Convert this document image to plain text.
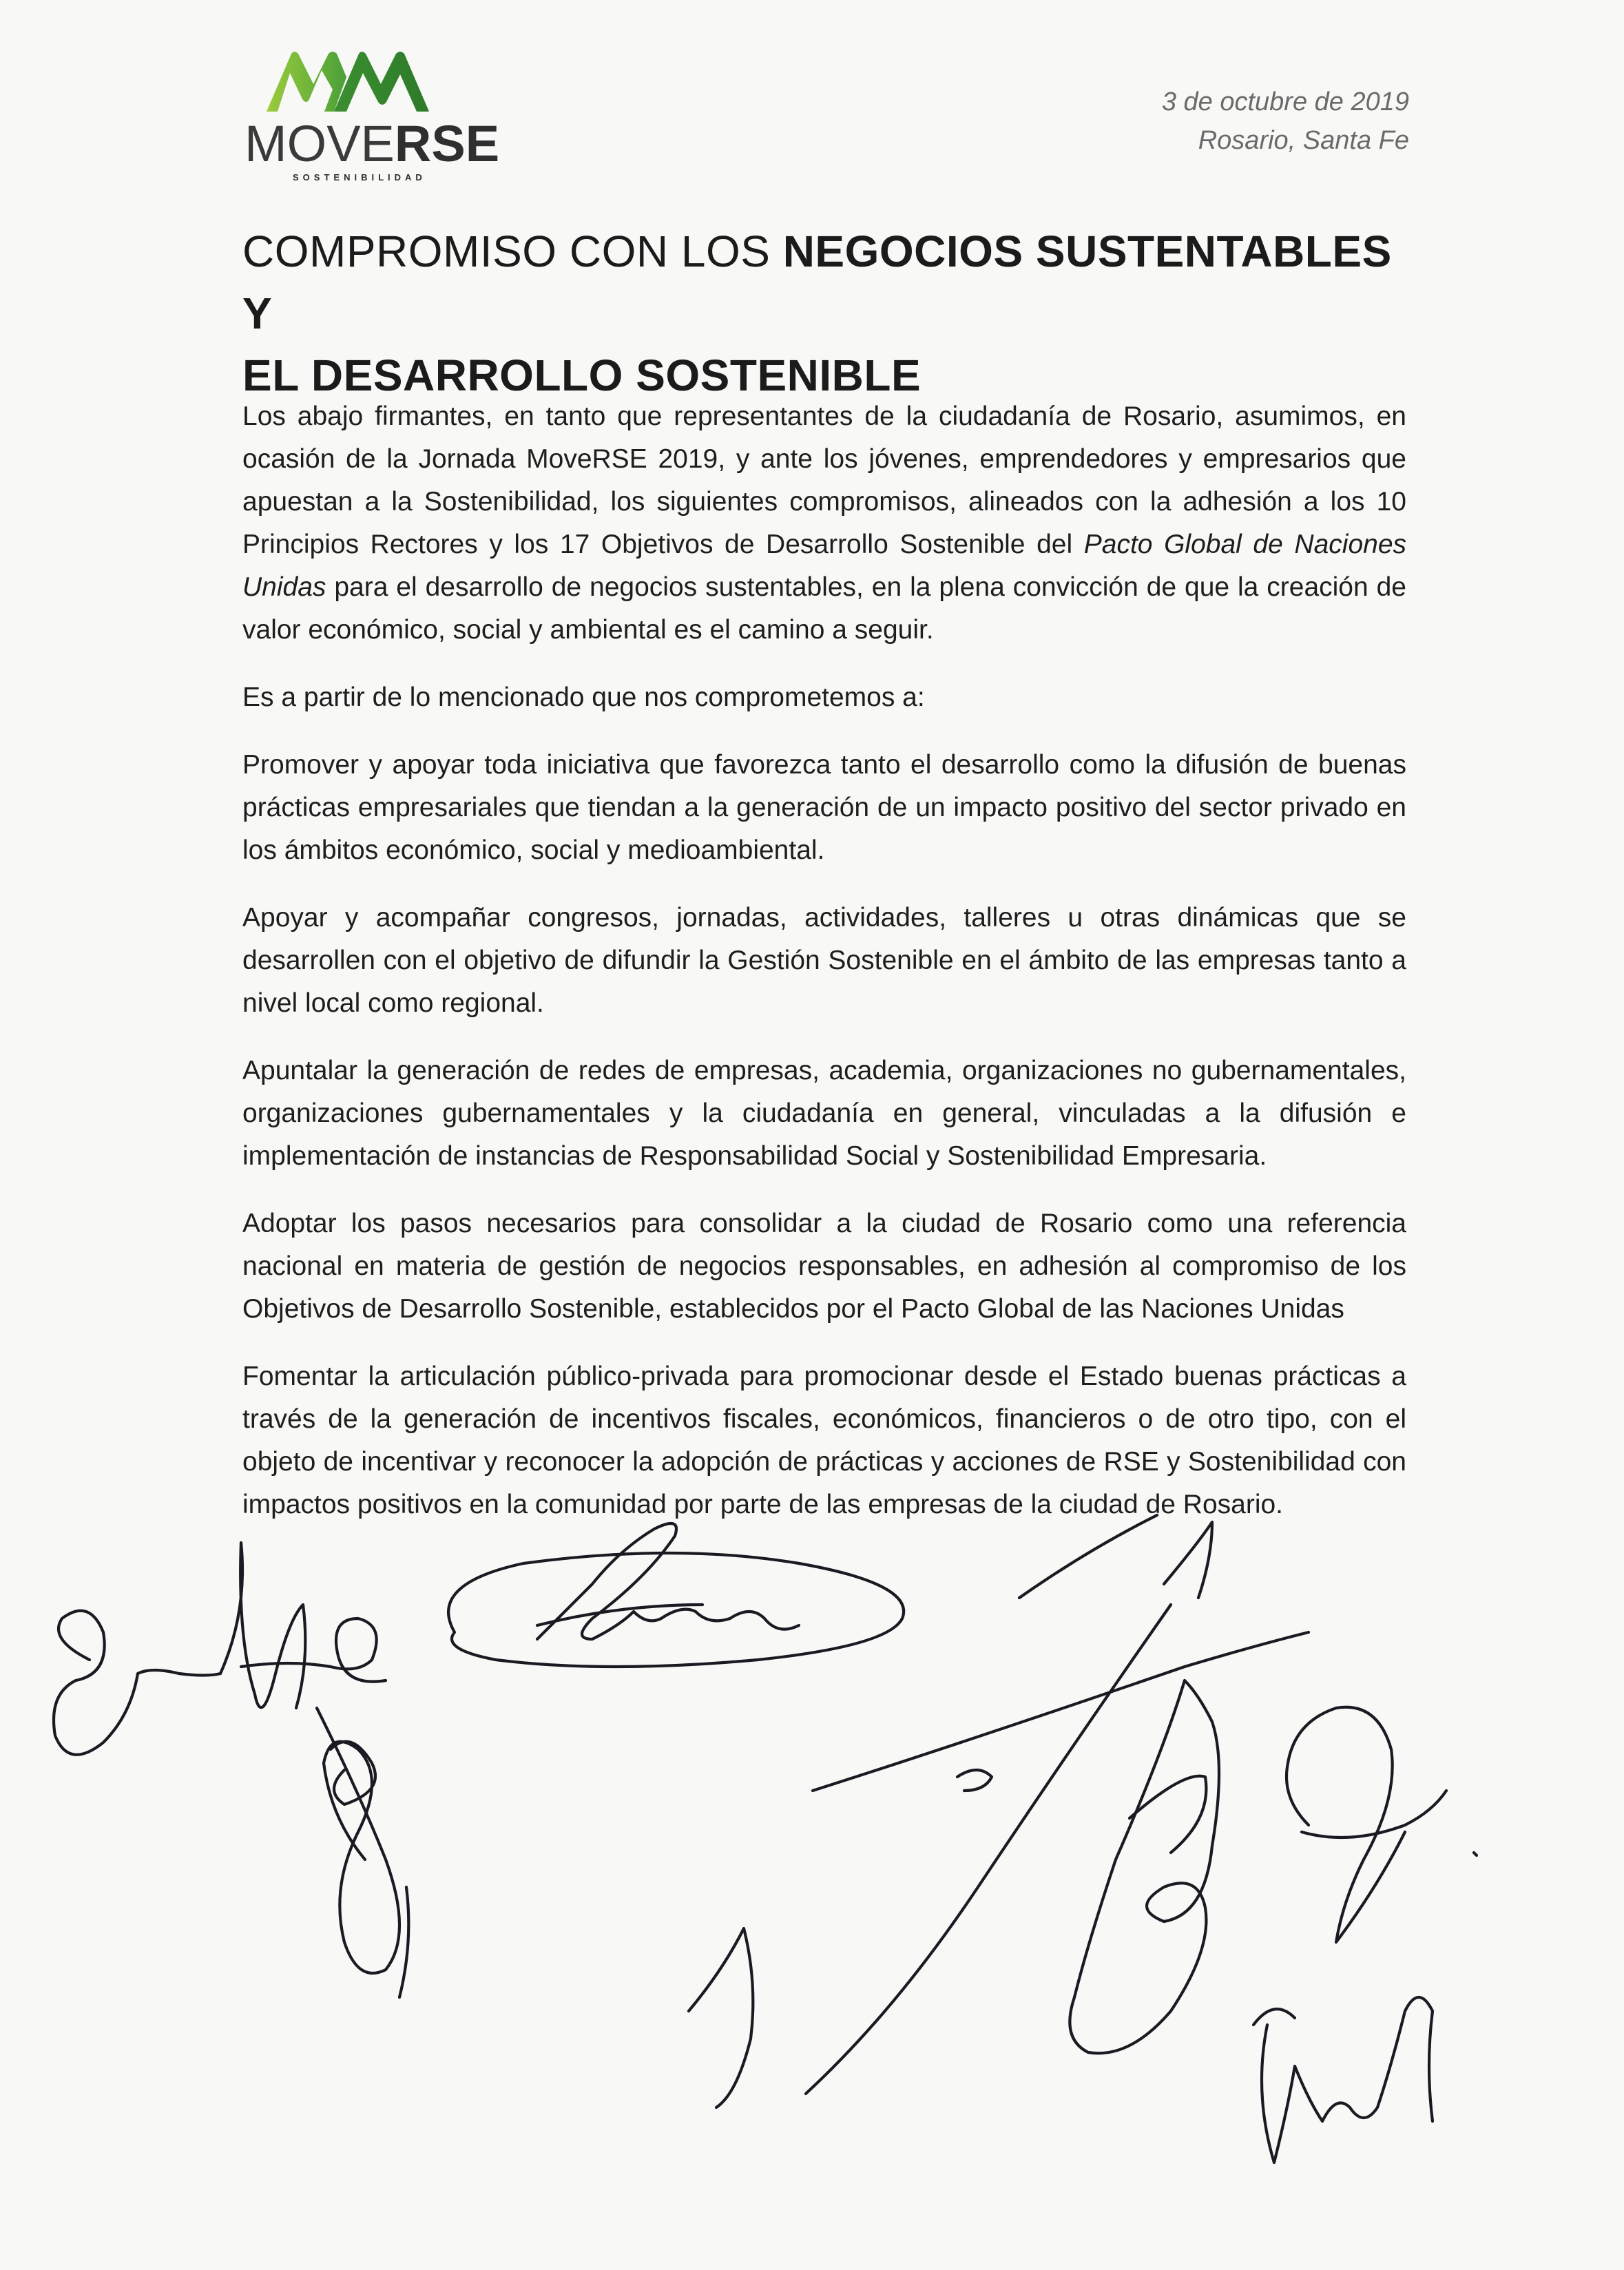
MOVERSE
SOSTENIBILIDAD
3 de octubre de 2019
Rosario, Santa Fe
COMPROMISO CON LOS NEGOCIOS SUSTENTABLES Y
EL DESARROLLO SOSTENIBLE

Los abajo firmantes, en tanto que representantes de la ciudadanía de Rosario, asumimos, en ocasión de la Jornada MoveRSE 2019, y ante los jóvenes, emprendedores y empresarios que apuestan a la Sostenibilidad, los siguientes compromisos, alineados con la adhesión a los 10 Principios Rectores y los 17 Objetivos de Desarrollo Sostenible del Pacto Global de Naciones Unidas para el desarrollo de negocios sustentables, en la plena convicción de que la creación de valor económico, social y ambiental es el camino a seguir.

Es a partir de lo mencionado que nos comprometemos a:

Promover y apoyar toda iniciativa que favorezca tanto el desarrollo como la difusión de buenas prácticas empresariales que tiendan a la generación de un impacto positivo del sector privado en los ámbitos económico, social y medioambiental.

Apoyar y acompañar congresos, jornadas, actividades, talleres u otras dinámicas que se desarrollen con el objetivo de difundir la Gestión Sostenible en el ámbito de las empresas tanto a nivel local como regional.

Apuntalar la generación de redes de empresas, academia, organizaciones no gubernamentales, organizaciones gubernamentales y la ciudadanía en general, vinculadas a la difusión e implementación de instancias de Responsabilidad Social y Sostenibilidad Empresaria.

Adoptar los pasos necesarios para consolidar a la ciudad de Rosario como una referencia nacional en materia de gestión de negocios responsables, en adhesión al compromiso de los Objetivos de Desarrollo Sostenible, establecidos por el Pacto Global de las Naciones Unidas

Fomentar la articulación público-privada para promocionar desde el Estado buenas prácticas a través de la generación de incentivos fiscales, económicos, financieros o de otro tipo, con el objeto de incentivar y reconocer la adopción de prácticas y acciones de RSE y Sostenibilidad con impactos positivos en la comunidad por parte de las empresas de la ciudad de Rosario.
